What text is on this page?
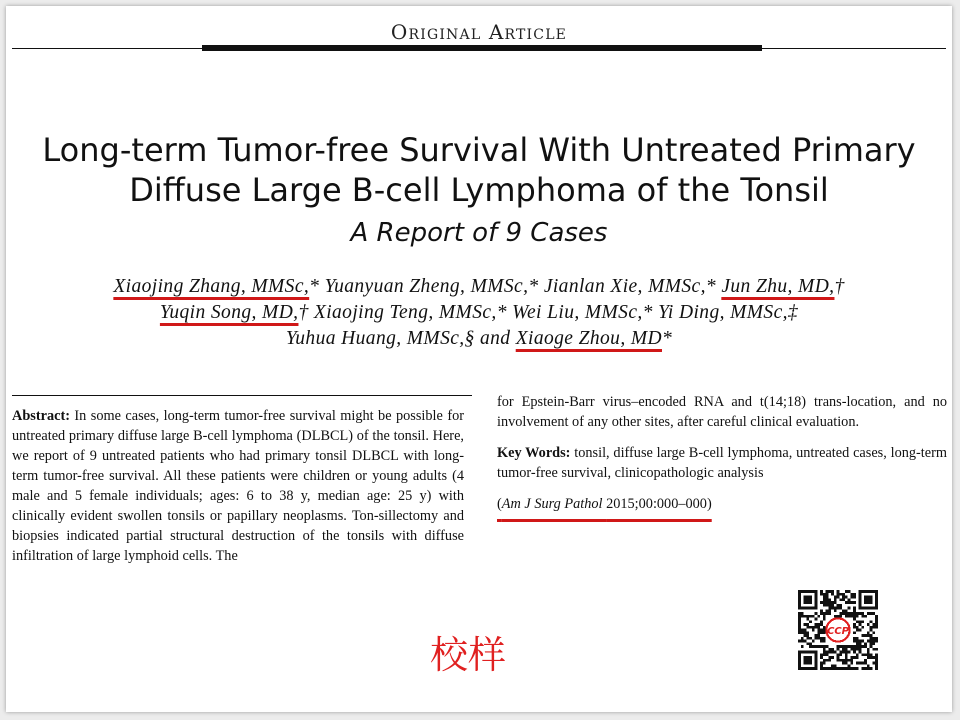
Original Article
Long-term Tumor-free Survival With Untreated Primary
Diffuse Large B-cell Lymphoma of the Tonsil
A Report of 9 Cases
Xiaojing Zhang, MMSc,* Yuanyuan Zheng, MMSc,* Jianlan Xie, MMSc,* Jun Zhu, MD,†
Yuqin Song, MD,† Xiaojing Teng, MMSc,* Wei Liu, MMSc,* Yi Ding, MMSc,‡
Yuhua Huang, MMSc,§ and Xiaoge Zhou, MD*

Abstract: In some cases, long-term tumor-free survival might be possible for untreated primary diffuse large B-cell lymphoma (DLBCL) of the tonsil. Here, we report of 9 untreated patients who had primary tonsil DLBCL with long-term tumor-free survival. All these patients were children or young adults (4 male and 5 female individuals; ages: 6 to 38 y, median age: 25 y) with clinically evident swollen tonsils or papillary neoplasms. Ton-sillectomy and biopsies indicated partial structural destruction of the tonsils with diffuse infiltration of large lymphoid cells. The

for Epstein-Barr virus–encoded RNA and t(14;18) trans-location, and no involvement of any other sites, after careful clinical evaluation.

Key Words: tonsil, diffuse large B-cell lymphoma, untreated cases, long-term tumor-free survival, clinicopathologic analysis

(Am J Surg Pathol 2015;00:000–000)

校样
CCP
